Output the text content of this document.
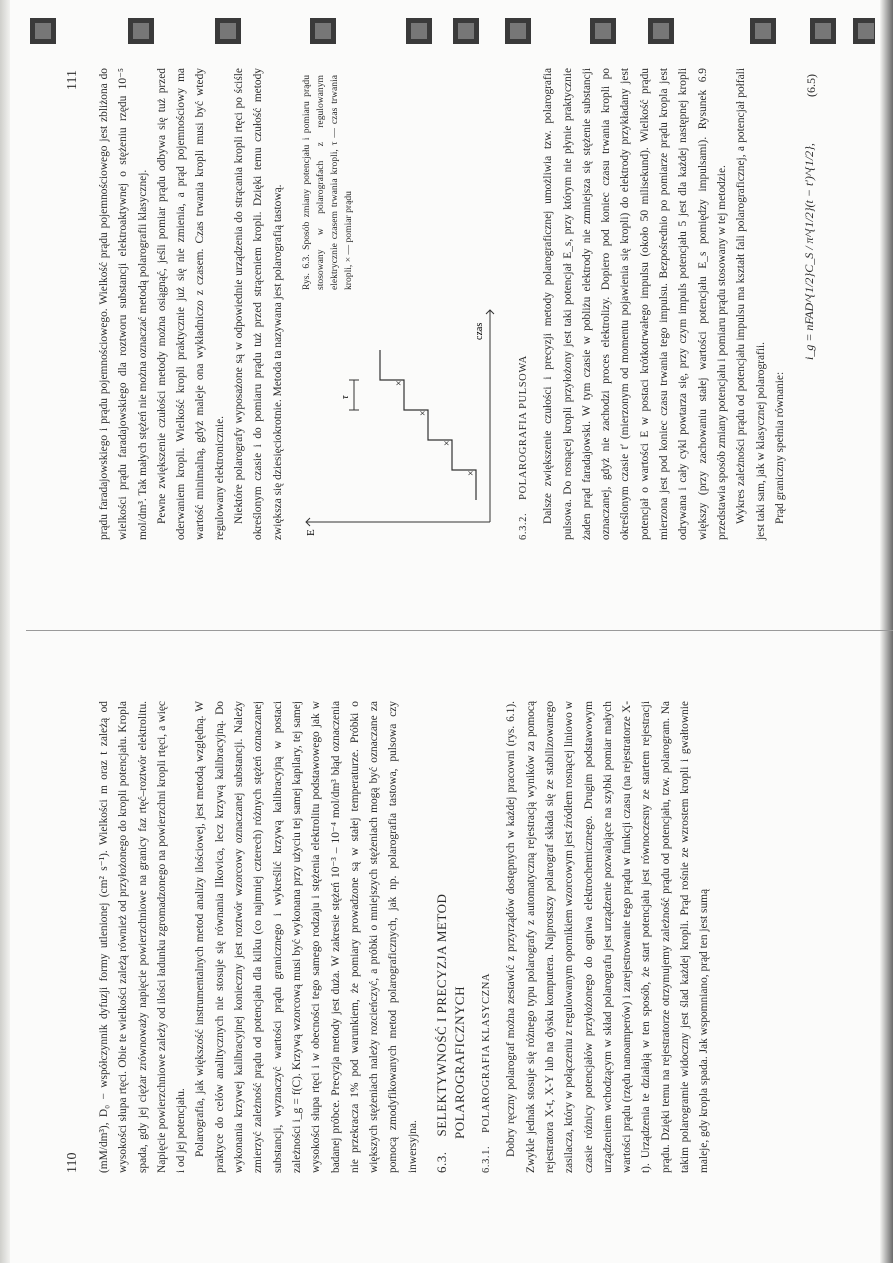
110 (mM/dm³), D₀ − współczynnik dyfuzji formy utlenionej (cm² s⁻¹). Wielkości m oraz t zależą od wysokości słupa rtęci. Obie te wielkości zależą również od przyłożonego do kropli potencjału. Kropla spada, gdy jej ciężar zrównoważy napięcie powierzchniowe na granicy faz rtęć–roztwór elektrolitu. Napięcie powierzchniowe zależy od ilości ładunku zgromadzonego na powierzchni kropli rtęci, a więc i od jej potencjału. Polarografia, jak większość instrumentalnych metod analizy ilościowej, jest metodą względną. W praktyce do celów analitycznych nie stosuje się równania Ilkovica, lecz krzywą kalibracyjną. Do wykonania krzywej kalibracyjnej konieczny jest roztwór wzorcowy oznaczanej substancji. Należy zmierzyć zależność prądu od potencjału dla kilku (co najmniej czterech) różnych stężeń oznaczanej substancji, wyznaczyć wartości prądu granicznego i wykreślić krzywą kalibracyjną w postaci zależności i_g = f(C). Krzywą wzorcową musi być wykonana przy użyciu tej samej kapilary, tej samej wysokości słupa rtęci i w obecności tego samego rodzaju i stężenia elektrolitu podstawowego jak w badanej próbce. Precyzja metody jest duża. W zakresie stężeń 10⁻³ – 10⁻⁴ mol/dm³ błąd oznaczenia nie przekracza 1% pod warunkiem, że pomiary prowadzone są w stałej temperaturze. Próbki o większych stężeniach należy rozcieńczyć, a próbki o mniejszych stężeniach mogą być oznaczane za pomocą zmodyfikowanych metod polarograficznych, jak np. polarografia tastowa, pulsowa czy inwersyjna.	6.3.    SELEKTYWNOŚĆ I PRECYZJA METOD POLAROGRAFICZNYCH
6.3.1.    POLAROGRAFIA KLASYCZNA	Dobry ręczny polarograf można zestawić z przyrządów dostępnych w każdej pracowni (rys. 6.1). Zwykle jednak stosuje się różnego typu polarografy z automatyczną rejestracją wyników za pomocą rejestratora X-t, X-Y lub na dysku komputera. Najprostszy polarograf składa się ze stabilizowanego zasilacza, który w połączeniu z regulowanym opornikiem wzorcowym jest źródłem rosnącej liniowo w czasie różnicy potencjałów przyłożonego do ogniwa elektrochemicznego. Drugim podstawowym urządzeniem wchodzącym w skład polarografu jest urządzenie pozwalające na szybki pomiar małych wartości prądu (rzędu nanoamperów) i zarejestrowanie tego prądu w funkcji czasu (na rejestratorze X-t). Urządzenia te działają w ten sposób, że start potencjału jest równoczesny ze startem rejestracji prądu. Dzięki temu na rejestratorze otrzymujemy zależność prądu od potencjału, tzw. polarogram. Na takim polarogramie widoczny jest ślad każdej kropli. Prąd rośnie ze wzrostem kropli i gwałtownie maleje, gdy kropla spada. Jak wspomniano, prąd ten jest sumą

111 prądu faradajowskiego i prądu pojemnościowego. Wielkość prądu pojemnościowego jest zbliżona do wielkości prądu faradajowskiego dla roztworu substancji elektroaktywnej o stężeniu rzędu 10⁻⁵ mol/dm³. Tak małych stężeń nie można oznaczać metodą polarografii klasycznej. Pewne zwiększenie czułości metody można osiągnąć, jeśli pomiar prądu odbywa się tuż przed oderwaniem kropli. Wielkość kropli praktycznie już się nie zmienia, a prąd pojemnościowy ma wartość minimalną, gdyż maleje ona wykładniczo z czasem. Czas trwania kropli musi być wtedy regulowany elektronicznie. Niektóre polarografy wyposażone są w odpowiednie urządzenia do strącania kropli rtęci po ściśle określonym czasie i do pomiaru prądu tuż przed strąceniem kropli. Dzięki temu czułość metody zwiększa się dziesięciokrotnie. Metoda ta nazywana jest polarografią tastową.	E
czas
×
×
×
×
τ
Rys. 6.3. Sposób zmiany potencjału i pomiaru prądu stosowany w polarografach z regulowanym elektrycznie czasem trwania kropli, τ — czas trwania kropli, × — pomiar prądu
6.3.2.    POLAROGRAFIA PULSOWA	Dalsze zwiększenie czułości i precyzji metody polarograficznej umożliwia tzw. polarografia pulsowa. Do rosnącej kropli przyłożony jest taki potencjał E_s, przy którym nie płynie praktycznie żaden prąd faradajowski. W tym czasie w pobliżu elektrody nie zmniejsza się stężenie substancji oznaczanej, gdyż nie zachodzi proces elektrolizy. Dopiero pod koniec czasu trwania kropli po określonym czasie t′ (mierzonym od momentu pojawienia się kropli) do elektrody przykładany jest potencjał o wartości E w postaci krótkotrwałego impulsu (około 50 milisekund). Wielkość prądu mierzona jest pod koniec czasu trwania tego impulsu. Bezpośrednio po pomiarze prądu kropla jest odrywana i cały cykl powtarza się, przy czym impuls potencjału 5 jest dla każdej następnej kropli większy (przy zachowaniu stałej wartości potencjału E_s pomiędzy impulsami). Rysunek 6.9 przedstawia sposób zmiany potencjału i pomiaru prądu stosowany w tej metodzie. Wykres zależności prądu od potencjału impulsu ma kształt fali polarograficznej, a potencjał połfali jest taki sam, jak w klasycznej polarografii. Prąd graniczny spełnia równanie:

i_g = nFAD^{1/2}C_S / π^{1/2}(t − t′)^{1/2},
(6.5)
